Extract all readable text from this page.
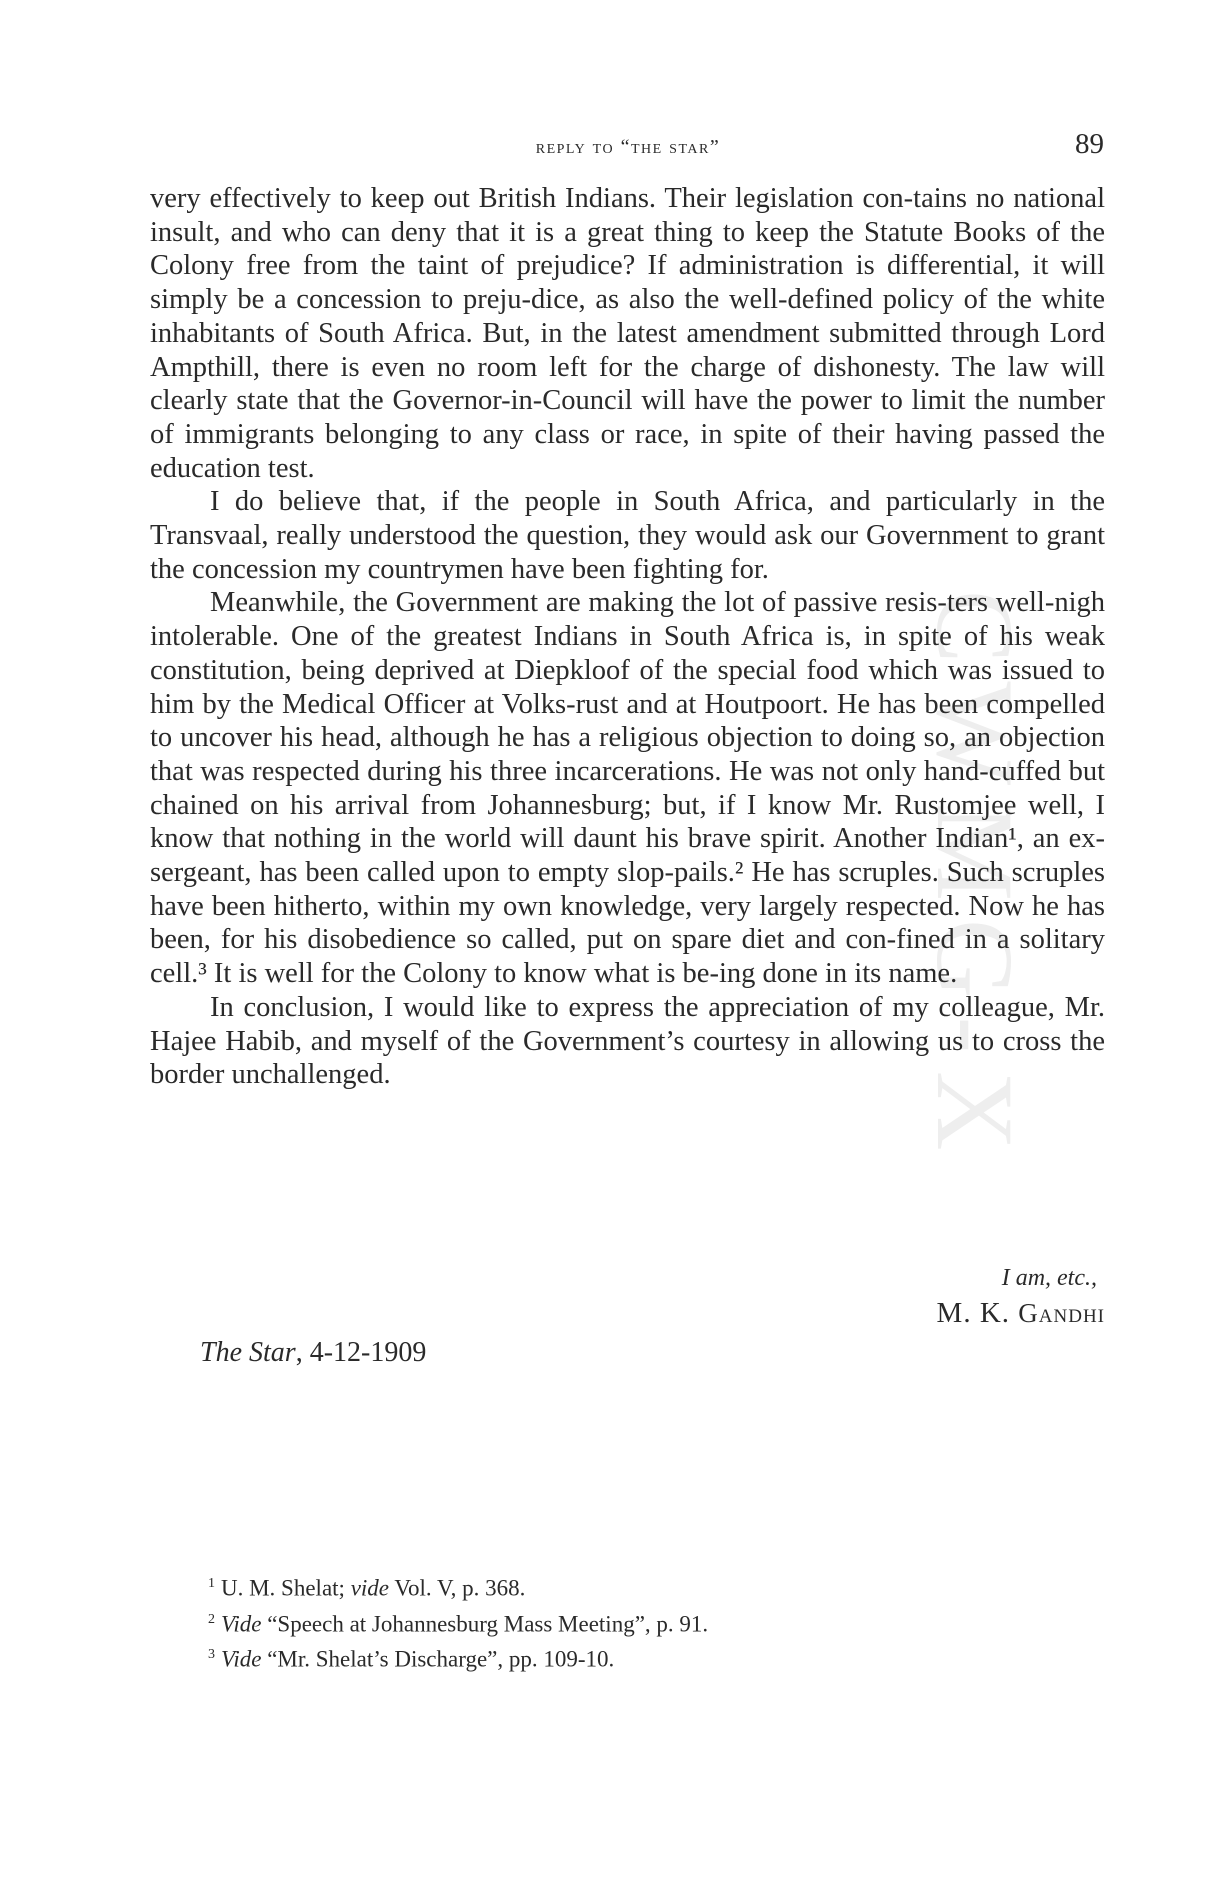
CWMG-X
reply to “the star”	89

very effectively to keep out British Indians. Their legislation con-tains no national insult, and who can deny that it is a great thing to keep the Statute Books of the Colony free from the taint of prejudice? If administration is differential, it will simply be a concession to preju-dice, as also the well-defined policy of the white inhabitants of South Africa. But, in the latest amendment submitted through Lord Ampthill, there is even no room left for the charge of dishonesty. The law will clearly state that the Governor-in-Council will have the power to limit the number of immigrants belonging to any class or race, in spite of their having passed the education test.

I do believe that, if the people in South Africa, and particularly in the Transvaal, really understood the question, they would ask our Government to grant the concession my countrymen have been fighting for.

Meanwhile, the Government are making the lot of passive resis-ters well-nigh intolerable. One of the greatest Indians in South Africa is, in spite of his weak constitution, being deprived at Diepkloof of the special food which was issued to him by the Medical Officer at Volks-rust and at Houtpoort. He has been compelled to uncover his head, although he has a religious objection to doing so, an objection that was respected during his three incarcerations. He was not only hand-cuffed but chained on his arrival from Johannesburg; but, if I know Mr. Rustomjee well, I know that nothing in the world will daunt his brave spirit. Another Indian¹, an ex-sergeant, has been called upon to empty slop-pails.² He has scruples. Such scruples have been hitherto, within my own knowledge, very largely respected. Now he has been, for his disobedience so called, put on spare diet and con-fined in a solitary cell.³ It is well for the Colony to know what is be-ing done in its name.

In conclusion, I would like to express the appreciation of my colleague, Mr. Hajee Habib, and myself of the Government’s courtesy in allowing us to cross the border unchallenged.

I am, etc.,
M. K. Gandhi
The Star, 4-12-1909
$^1$ U. M. Shelat; vide Vol. V, p. 368.
$^2$ Vide “Speech at Johannesburg Mass Meeting”, p. 91.
$^3$ Vide “Mr. Shelat’s Discharge”, pp. 109-10.
